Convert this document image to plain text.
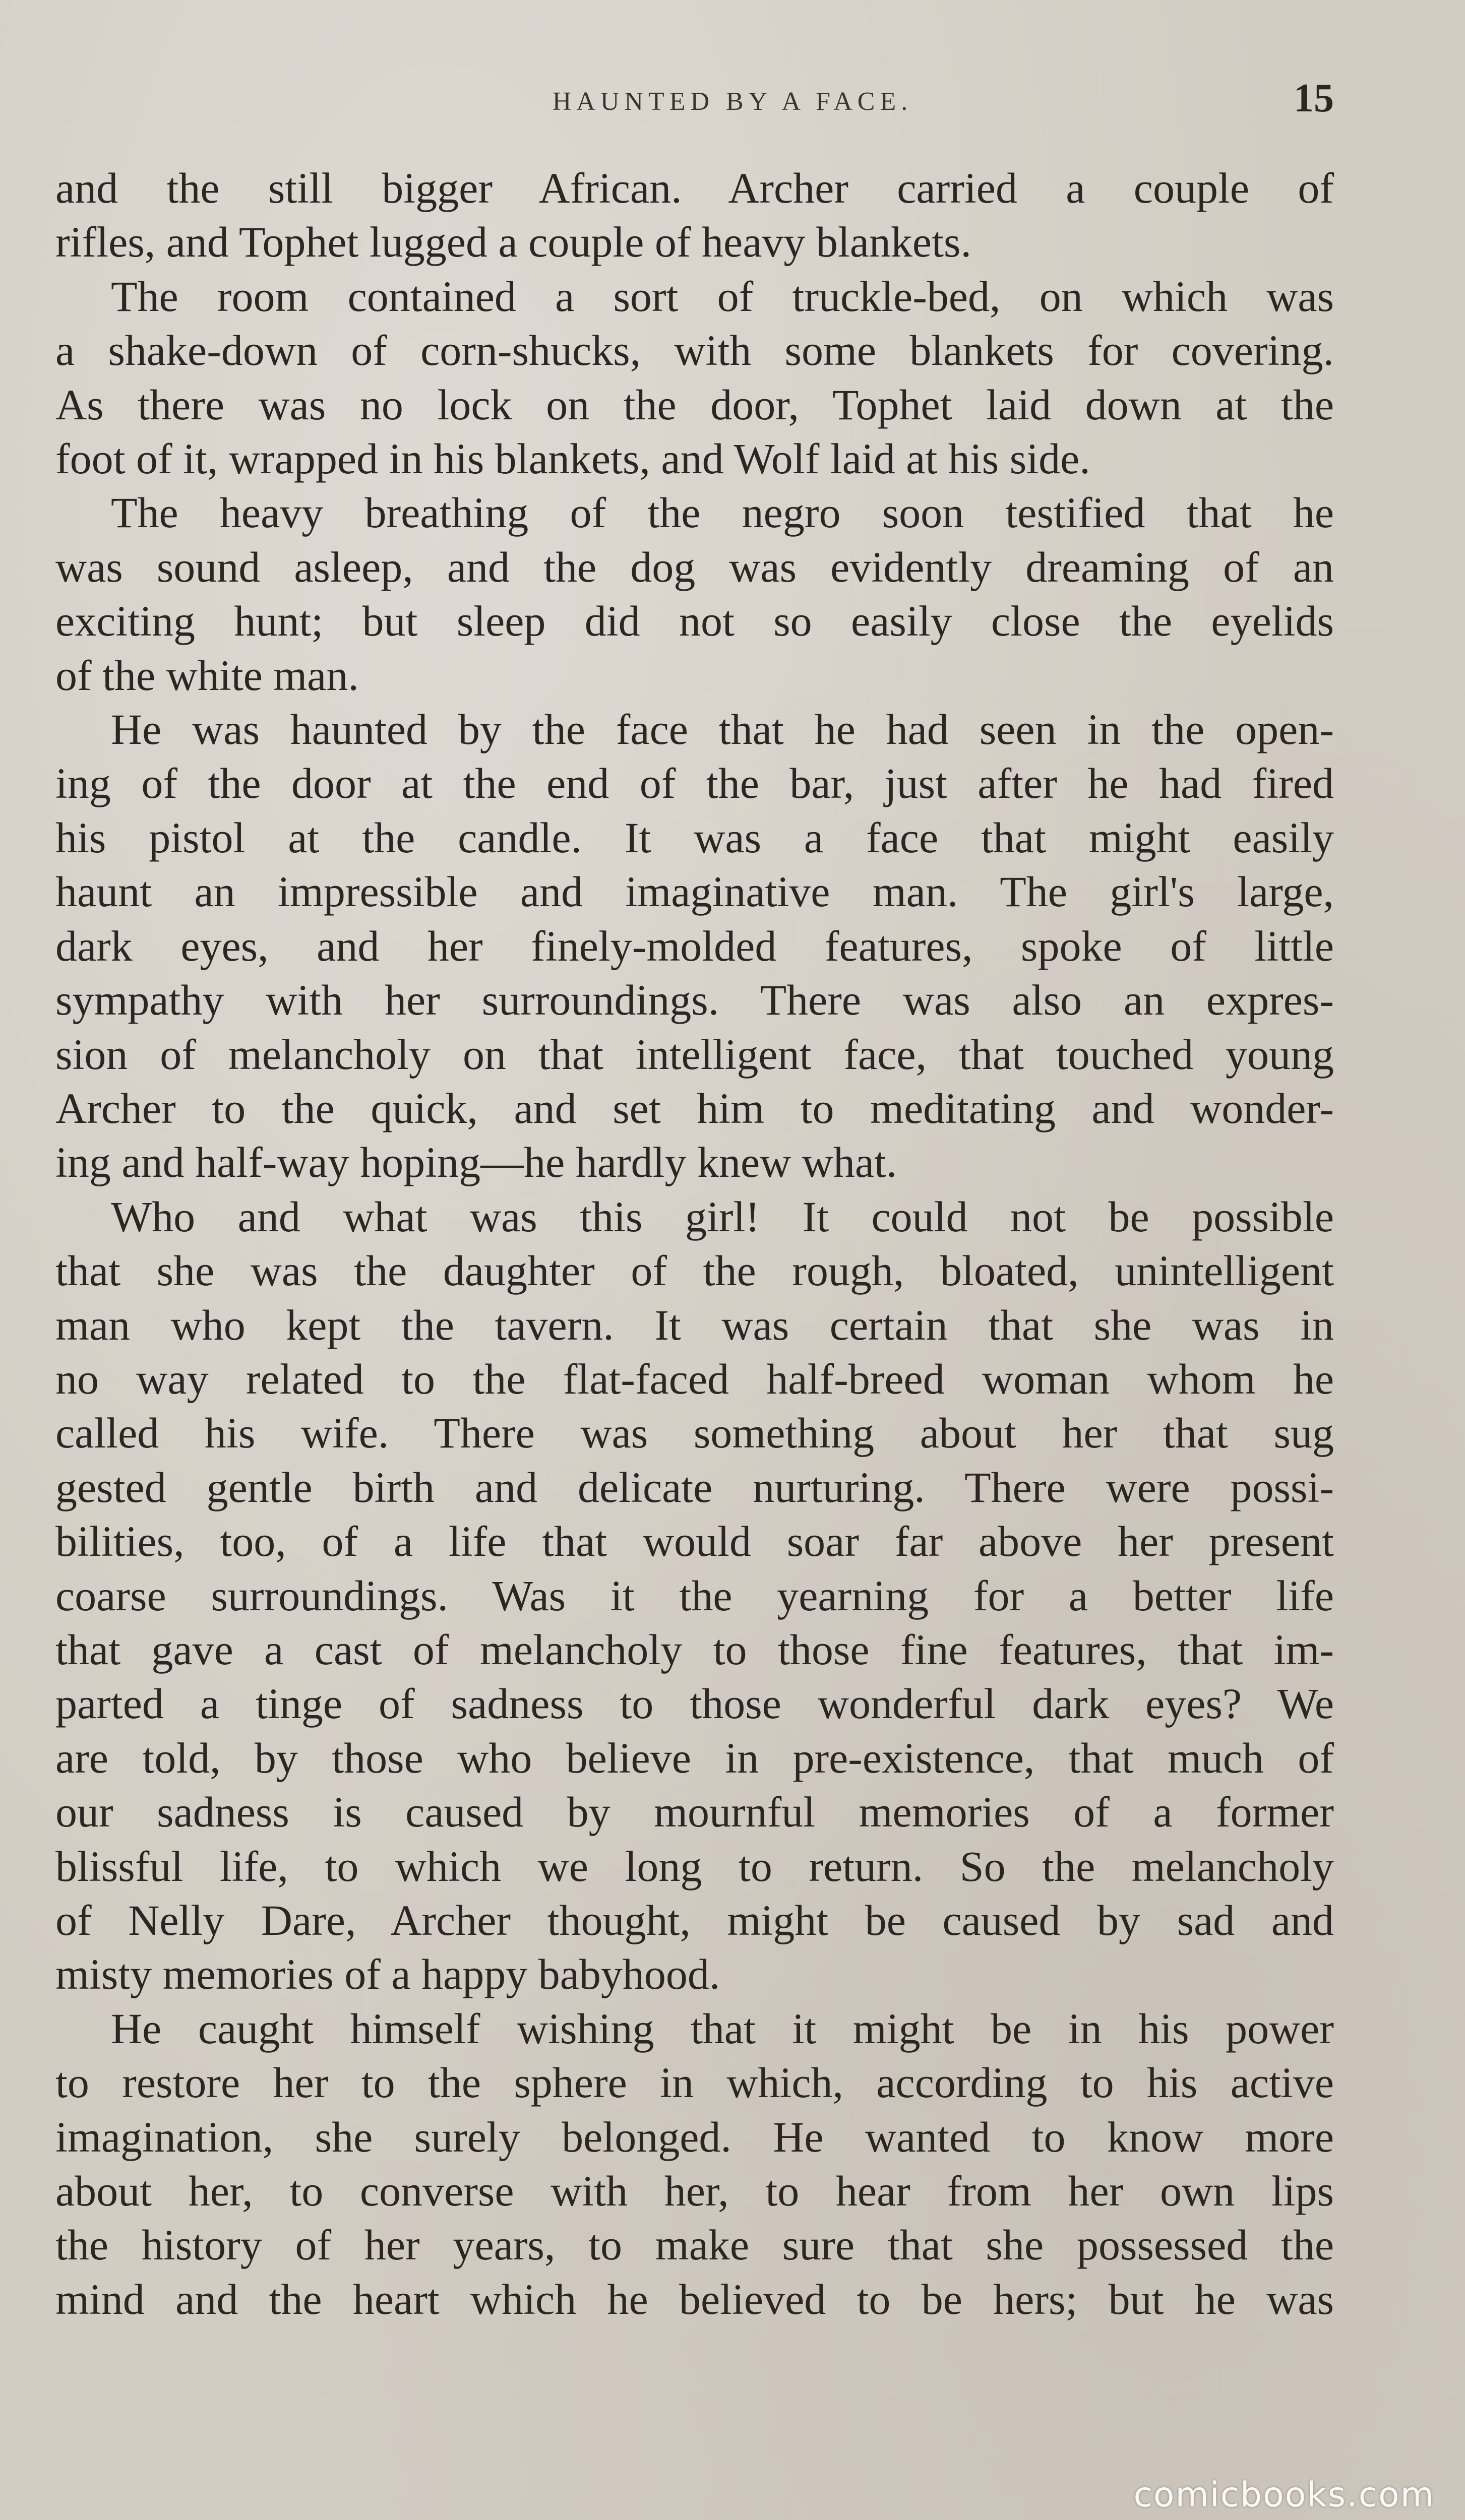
HAUNTED BY A FACE.	15
and the still bigger African. Archer carried a couple of
rifles, and Tophet lugged a couple of heavy blankets.
The room contained a sort of truckle-bed, on which was
a shake-down of corn-shucks, with some blankets for covering.
As there was no lock on the door, Tophet laid down at the
foot of it, wrapped in his blankets, and Wolf laid at his side.
The heavy breathing of the negro soon testified that he
was sound asleep, and the dog was evidently dreaming of an
exciting hunt; but sleep did not so easily close the eyelids
of the white man.
He was haunted by the face that he had seen in the open-
ing of the door at the end of the bar, just after he had fired
his pistol at the candle. It was a face that might easily
haunt an impressible and imaginative man. The girl's large,
dark eyes, and her finely-molded features, spoke of little
sympathy with her surroundings. There was also an expres-
sion of melancholy on that intelligent face, that touched young
Archer to the quick, and set him to meditating and wonder-
ing and half-way hoping—he hardly knew what.
Who and what was this girl! It could not be possible
that she was the daughter of the rough, bloated, unintelligent
man who kept the tavern. It was certain that she was in
no way related to the flat-faced half-breed woman whom he
called his wife. There was something about her that sug
gested gentle birth and delicate nurturing. There were possi-
bilities, too, of a life that would soar far above her present
coarse surroundings. Was it the yearning for a better life
that gave a cast of melancholy to those fine features, that im-
parted a tinge of sadness to those wonderful dark eyes? We
are told, by those who believe in pre-existence, that much of
our sadness is caused by mournful memories of a former
blissful life, to which we long to return. So the melancholy
of Nelly Dare, Archer thought, might be caused by sad and
misty memories of a happy babyhood.
He caught himself wishing that it might be in his power
to restore her to the sphere in which, according to his active
imagination, she surely belonged. He wanted to know more
about her, to converse with her, to hear from her own lips
the history of her years, to make sure that she possessed the
mind and the heart which he believed to be hers; but he was
comicbooks.com
